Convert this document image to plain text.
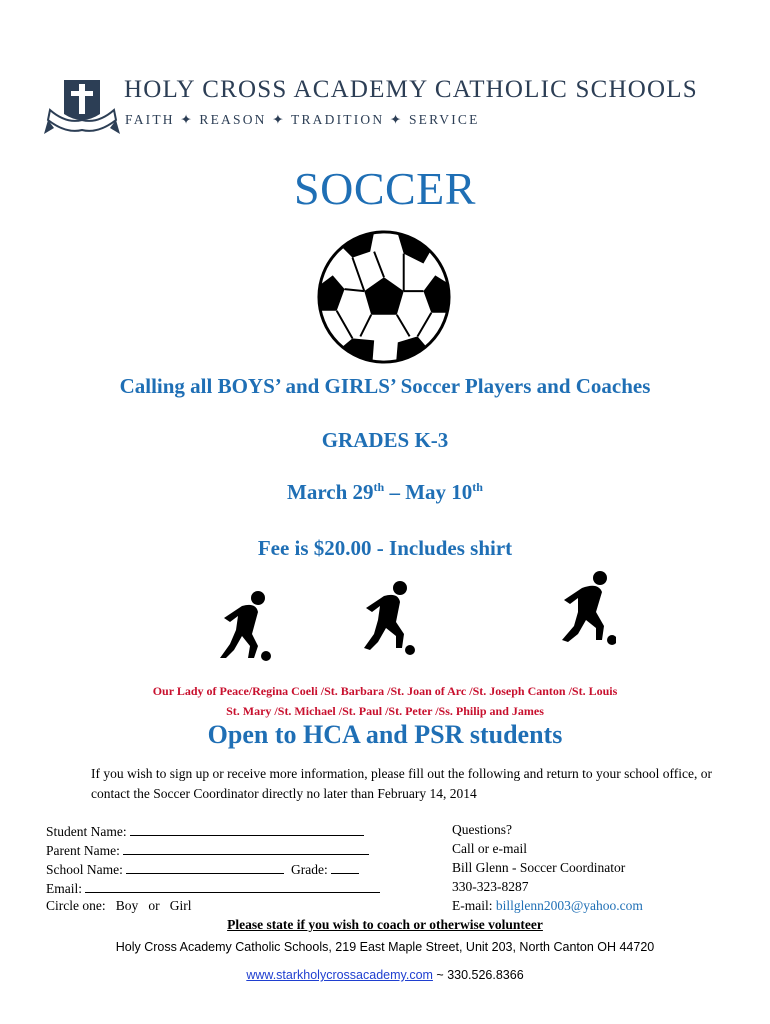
HOLY CROSS ACADEMY CATHOLIC SCHOOLS
FAITH ✦ REASON ✦ TRADITION ✦ SERVICE
SOCCER
Calling all BOYS’ and GIRLS’ Soccer Players and Coaches
GRADES K-3
March 29th – May 10th
Fee is $20.00 - Includes shirt
Our Lady of Peace/Regina Coeli /St. Barbara /St. Joan of Arc /St. Joseph Canton /St. Louis
St. Mary /St. Michael /St. Paul /St. Peter /Ss. Philip and James
Open to HCA and PSR students
If you wish to sign up or receive more information, please fill out the following and return to your school office, or contact the Soccer Coordinator directly no later than February 14, 2014
Student Name:
Parent Name:
School Name:	Grade:
Email:
Circle one: Boy   or   Girl
Questions?
Call or e-mail
Bill Glenn - Soccer Coordinator
330-323-8287
E-mail: billglenn2003@yahoo.com
Please state if you wish to coach or otherwise volunteer
Holy Cross Academy Catholic Schools, 219 East Maple Street, Unit 203, North Canton OH 44720
www.starkholycrossacademy.com ~ 330.526.8366
